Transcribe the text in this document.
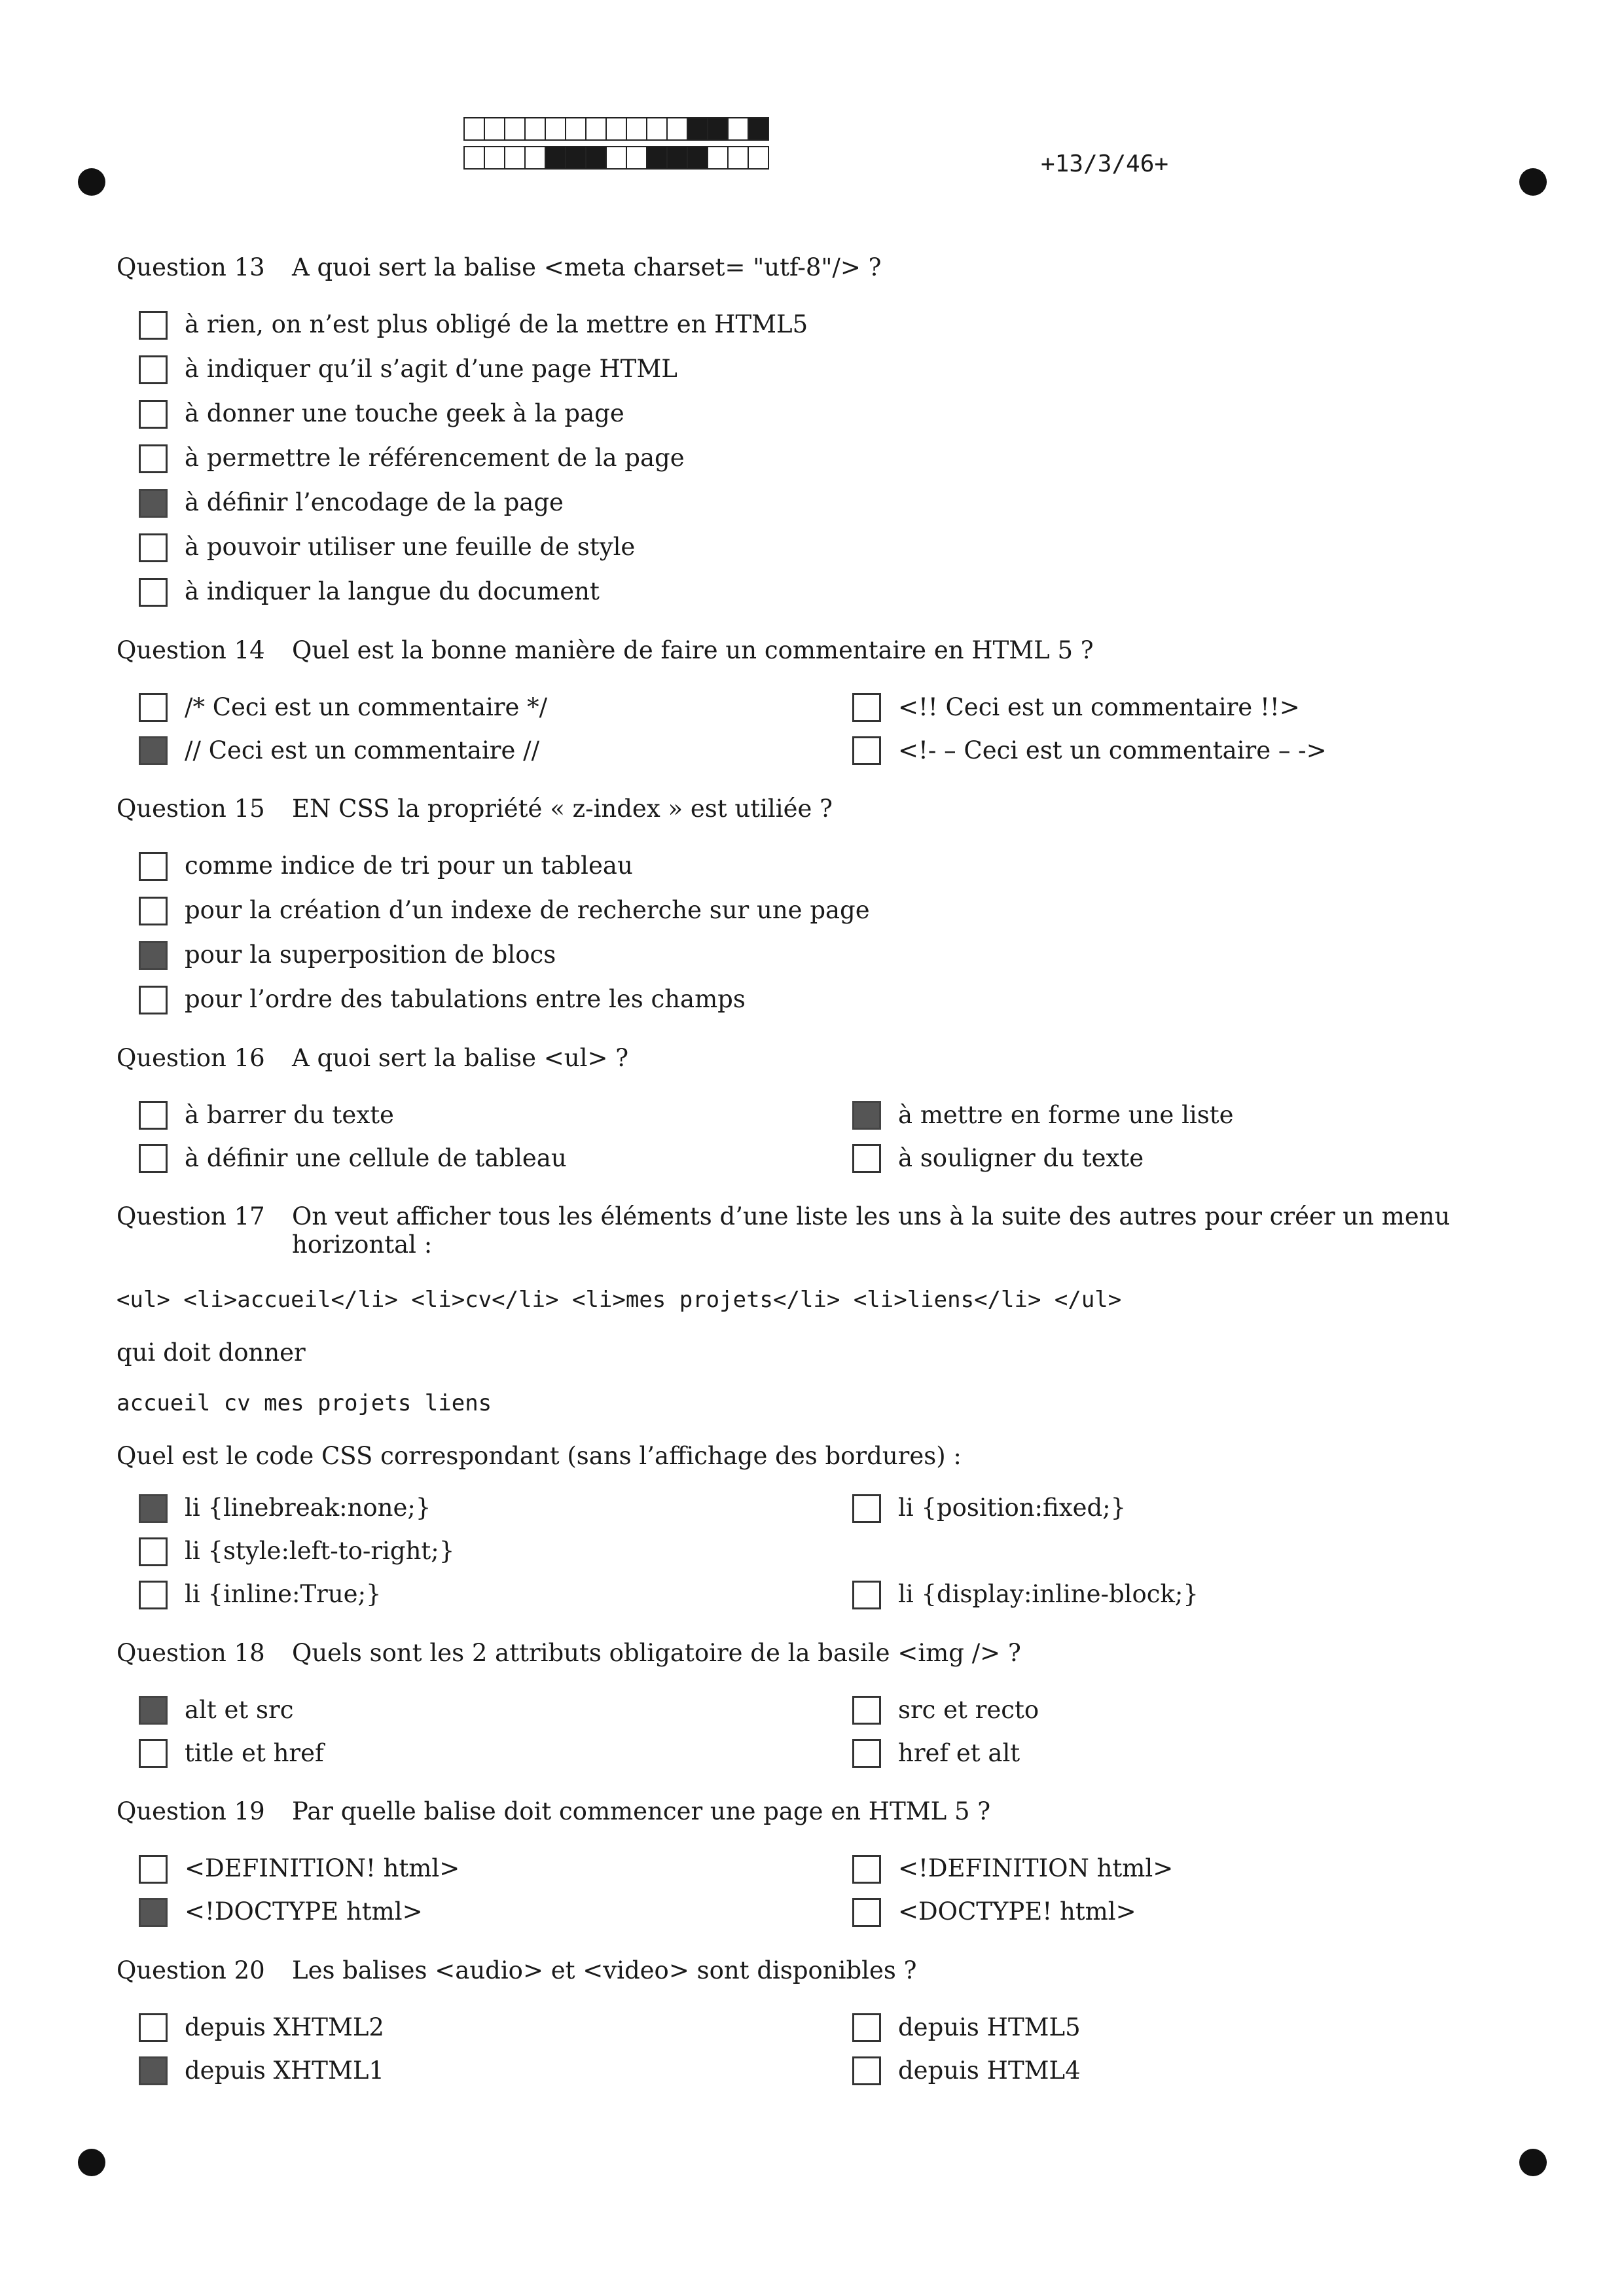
+13/3/46+
Question 13	A quoi sert la balise <meta charset= "utf-8"/> ?
à rien, on n’est plus obligé de la mettre en HTML5
à indiquer qu’il s’agit d’une page HTML
à donner une touche geek à la page
à permettre le référencement de la page
à définir l’encodage de la page
à pouvoir utiliser une feuille de style
à indiquer la langue du document
Question 14	Quel est la bonne manière de faire un commentaire en HTML 5 ?
/* Ceci est un commentaire */	<!! Ceci est un commentaire !!>
// Ceci est un commentaire //	<!- – Ceci est un commentaire – ->
Question 15	EN CSS la propriété « z-index » est utiliée ?
comme indice de tri pour un tableau
pour la création d’un indexe de recherche sur une page
pour la superposition de blocs
pour l’ordre des tabulations entre les champs
Question 16	A quoi sert la balise <ul> ?
à barrer du texte	à mettre en forme une liste
à définir une cellule de tableau	à souligner du texte
Question 17	On veut afficher tous les éléments d’une liste les uns à la suite des autres pour créer un menu horizontal :
<ul> <li>accueil</li> <li>cv</li> <li>mes projets</li> <li>liens</li> </ul>
qui doit donner
accueil cv mes projets liens
Quel est le code CSS correspondant (sans l’affichage des bordures) :
li {linebreak:none;}	li {position:fixed;}
li {style:left-to-right;}
li {inline:True;}	li {display:inline-block;}
Question 18	Quels sont les 2 attributs obligatoire de la basile <img /> ?
alt et src	src et recto
title et href	href et alt
Question 19	Par quelle balise doit commencer une page en HTML 5 ?
<DEFINITION! html>	<!DEFINITION html>
<!DOCTYPE html>	<DOCTYPE! html>
Question 20	Les balises <audio> et <video> sont disponibles ?
depuis XHTML2	depuis HTML5
depuis XHTML1	depuis HTML4
